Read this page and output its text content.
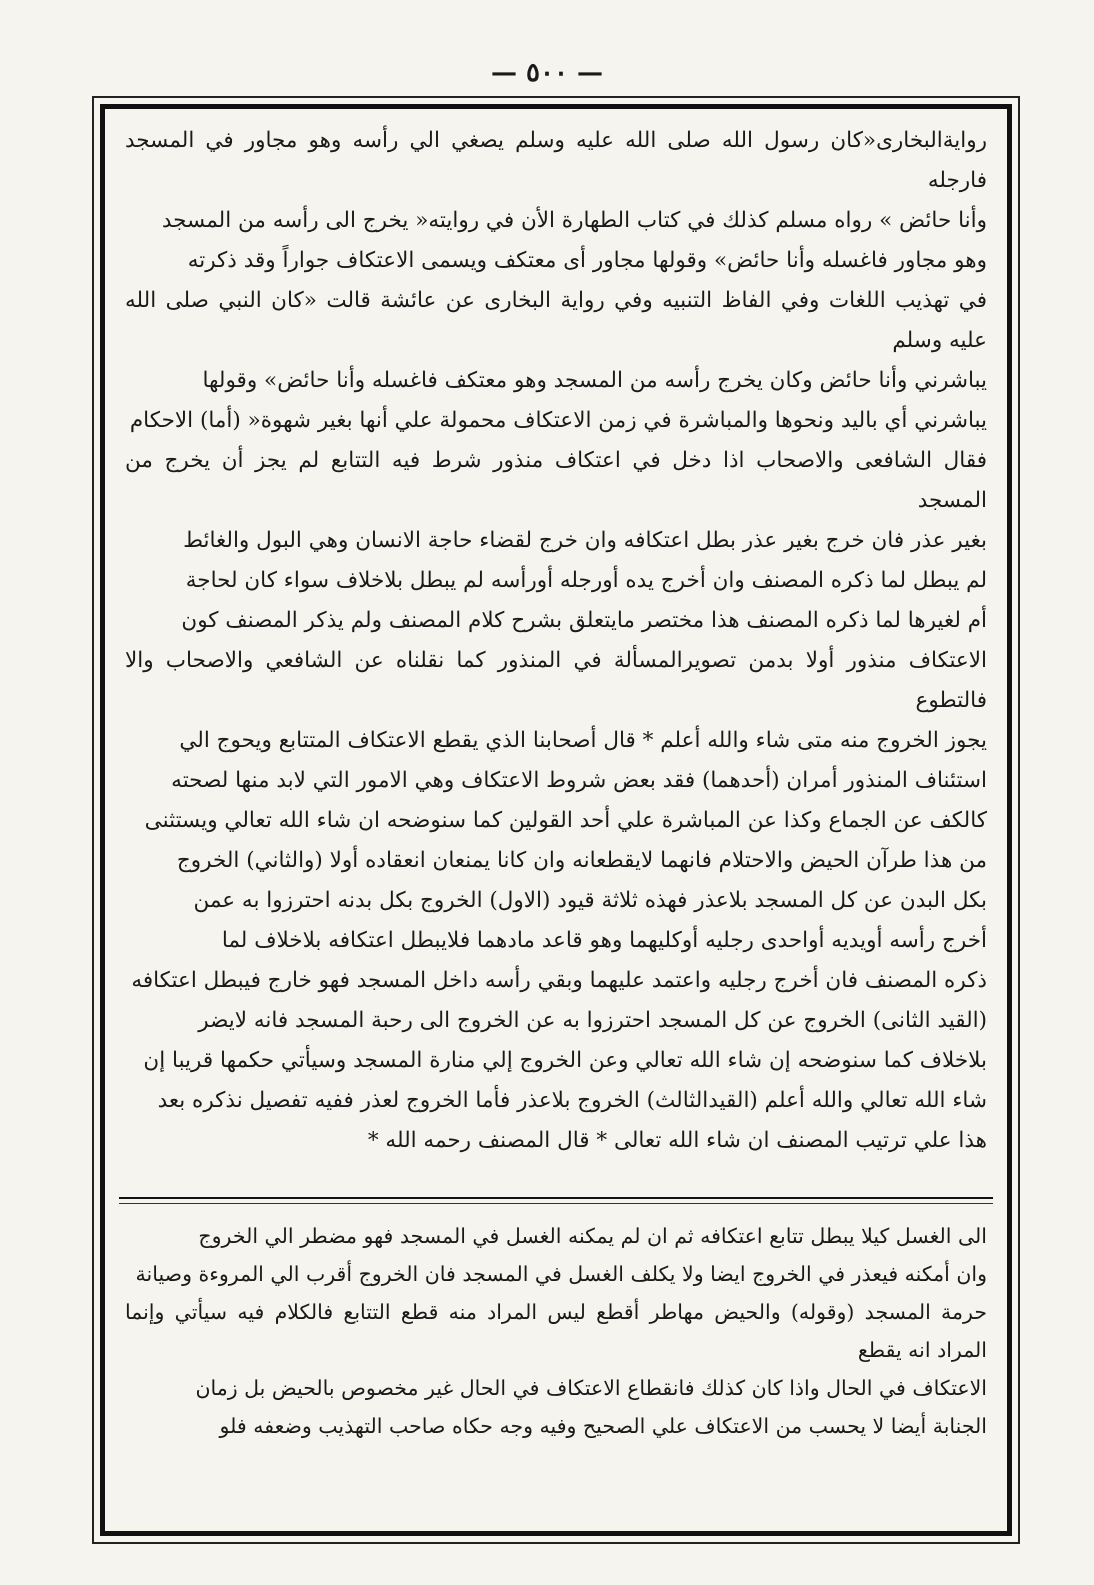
— ٥٠٠ —

روايةالبخارى«كان رسول الله صلى الله عليه وسلم يصغي الي رأسه وهو مجاور في المسجد فارجله

وأنا حائض » رواه مسلم كذلك في كتاب الطهارة الأن في روايته« يخرج الى رأسه من المسجد

وهو مجاور فاغسله وأنا حائض» وقولها مجاور أى معتكف ويسمى الاعتكاف جواراً وقد ذكرته

في تهذيب اللغات وفي الفاظ التنبيه وفي رواية البخارى عن عائشة قالت «كان النبي صلى الله عليه وسلم

يباشرني وأنا حائض وكان يخرج رأسه من المسجد وهو معتكف فاغسله وأنا حائض» وقولها

يباشرني أي باليد ونحوها والمباشرة في زمن الاعتكاف محمولة علي أنها بغير شهوة« (أما) الاحكام

فقال الشافعى والاصحاب اذا دخل في اعتكاف منذور شرط فيه التتابع لم يجز أن يخرج من المسجد

بغير عذر فان خرج بغير عذر بطل اعتكافه وان خرج لقضاء حاجة الانسان وهي البول والغائط

لم يبطل لما ذكره المصنف وان أخرج يده أورجله أورأسه لم يبطل بلاخلاف سواء كان لحاجة

أم لغيرها لما ذكره المصنف هذا مختصر مايتعلق بشرح كلام المصنف ولم يذكر المصنف كون

الاعتكاف منذور أولا بدمن تصويرالمسألة في المنذور كما نقلناه عن الشافعي والاصحاب والا فالتطوع

يجوز الخروج منه متى شاء والله أعلم * قال أصحابنا الذي يقطع الاعتكاف المتتابع ويحوج الي

استئناف المنذور أمران (أحدهما) فقد بعض شروط الاعتكاف وهي الامور التي لابد منها لصحته

كالكف عن الجماع وكذا عن المباشرة علي أحد القولين كما سنوضحه ان شاء الله تعالي ويستثنى

من هذا طرآن الحيض والاحتلام فانهما لايقطعانه وان كانا يمنعان انعقاده أولا (والثاني) الخروج

بكل البدن عن كل المسجد بلاعذر فهذه ثلاثة قيود (الاول) الخروج بكل بدنه احترزوا به عمن

أخرج رأسه أويديه أواحدى رجليه أوكليهما وهو قاعد مادهما فلايبطل اعتكافه بلاخلاف لما

ذكره المصنف فان أخرج رجليه واعتمد عليهما وبقي رأسه داخل المسجد فهو خارج فيبطل اعتكافه

(القيد الثانى) الخروج عن كل المسجد احترزوا به عن الخروج الى رحبة المسجد فانه لايضر

بلاخلاف كما سنوضحه إن شاء الله تعالي وعن الخروج إلي منارة المسجد وسيأتي حكمها قريبا إن

شاء الله تعالي والله أعلم (القيدالثالث) الخروج بلاعذر فأما الخروج لعذر ففيه تفصيل نذكره بعد

هذا علي ترتيب المصنف ان شاء الله تعالى * قال المصنف رحمه الله *

الى الغسل كيلا يبطل تتابع اعتكافه ثم ان لم يمكنه الغسل في المسجد فهو مضطر الي الخروج

وان أمكنه فيعذر في الخروج ايضا ولا يكلف الغسل في المسجد فان الخروج أقرب الي المروءة وصيانة

حرمة المسجد (وقوله) والحيض مهاطر أقطع ليس المراد منه قطع التتابع فالكلام فيه سيأتي وإنما المراد انه يقطع

الاعتكاف في الحال واذا كان كذلك فانقطاع الاعتكاف في الحال غير مخصوص بالحيض بل زمان

الجنابة أيضا لا يحسب من الاعتكاف علي الصحيح وفيه وجه حكاه صاحب التهذيب وضعفه فلو
